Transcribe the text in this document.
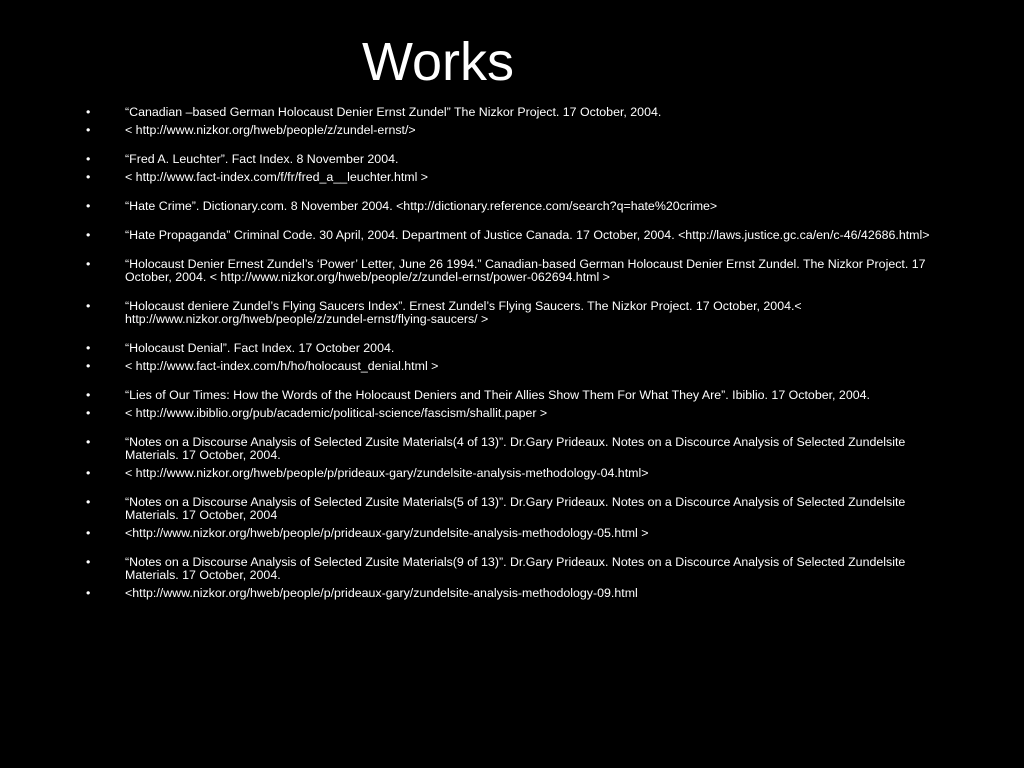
Works
•	“Canadian –based German Holocaust Denier Ernst Zundel” The Nizkor Project. 17 October, 2004.
•	< http://www.nizkor.org/hweb/people/z/zundel-ernst/>
•	“Fred A. Leuchter”. Fact Index. 8 November 2004.
•	< http://www.fact-index.com/f/fr/fred_a__leuchter.html >
•	“Hate Crime”. Dictionary.com. 8 November 2004. <http://dictionary.reference.com/search?q=hate%20crime>
•	“Hate Propaganda” Criminal Code. 30 April, 2004. Department of Justice Canada. 17 October, 2004. <http://laws.justice.gc.ca/en/c-46/42686.html>
•	“Holocaust Denier Ernest Zundel’s ‘Power’ Letter, June 26 1994.” Canadian-based German Holocaust Denier Ernst Zundel. The Nizkor Project. 17 October, 2004. < http://www.nizkor.org/hweb/people/z/zundel-ernst/power-062694.html >
•	“Holocaust deniere Zundel’s Flying Saucers Index”. Ernest Zundel’s Flying Saucers. The Nizkor Project. 17 October, 2004.< http://www.nizkor.org/hweb/people/z/zundel-ernst/flying-saucers/ >
•	“Holocaust Denial”. Fact Index. 17 October 2004.
•	< http://www.fact-index.com/h/ho/holocaust_denial.html >
•	“Lies of Our Times: How the Words of the Holocaust Deniers and Their Allies Show Them For What They Are”. Ibiblio. 17 October, 2004.
•	< http://www.ibiblio.org/pub/academic/political-science/fascism/shallit.paper >
•	“Notes on a Discourse Analysis of Selected Zusite Materials(4 of 13)”. Dr.Gary Prideaux. Notes on a Discource Analysis of Selected Zundelsite Materials. 17 October, 2004.
•	< http://www.nizkor.org/hweb/people/p/prideaux-gary/zundelsite-analysis-methodology-04.html>
•	“Notes on a Discourse Analysis of Selected Zusite Materials(5 of 13)”. Dr.Gary Prideaux. Notes on a Discource Analysis of Selected Zundelsite Materials. 17 October, 2004
•	<http://www.nizkor.org/hweb/people/p/prideaux-gary/zundelsite-analysis-methodology-05.html >
•	“Notes on a Discourse Analysis of Selected Zusite Materials(9 of 13)”. Dr.Gary Prideaux. Notes on a Discource Analysis of Selected Zundelsite Materials. 17 October, 2004.
•	<http://www.nizkor.org/hweb/people/p/prideaux-gary/zundelsite-analysis-methodology-09.html
